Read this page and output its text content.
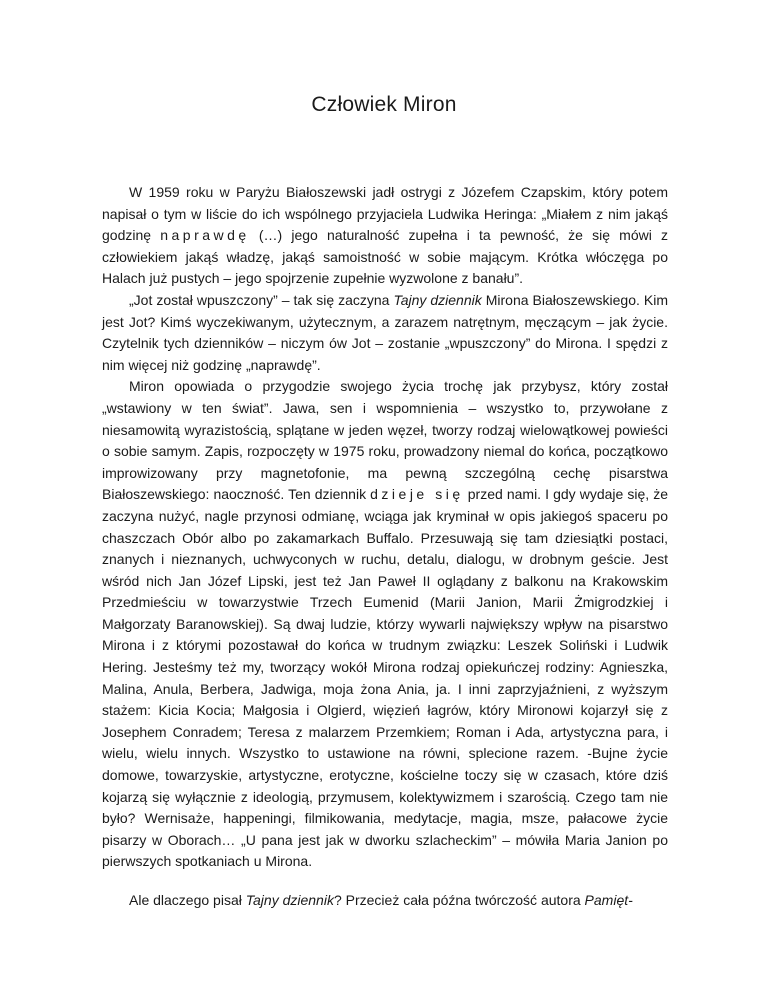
Człowiek Miron

W 1959 roku w Paryżu Białoszewski jadł ostrygi z Józefem Czapskim, który potem napisał o tym w liście do ich wspólnego przyjaciela Ludwika Heringa: „Miałem z nim jakąś godzinę naprawdę (…) jego naturalność zupełna i ta pewność, że się mówi z człowiekiem jakąś władzę, jakąś samoistność w sobie mającym. Krótka włóczęga po Halach już pustych – jego spojrzenie zupełnie wyzwolone z banału”.

„Jot został wpuszczony” – tak się zaczyna Tajny dziennik Mirona Białoszewskiego. Kim jest Jot? Kimś wyczekiwanym, użytecznym, a zarazem natrętnym, męczącym – jak życie. Czytelnik tych dzienników – niczym ów Jot – zostanie „wpuszczony” do Mirona. I spędzi z nim więcej niż godzinę „naprawdę”.

Miron opowiada o przygodzie swojego życia trochę jak przybysz, który został „wstawiony w ten świat”. Jawa, sen i wspomnienia – wszystko to, przywołane z niesamowitą wyrazistością, splątane w jeden węzeł, tworzy rodzaj wielowątkowej powieści o sobie samym. Zapis, rozpoczęty w 1975 roku, prowadzony niemal do końca, początkowo improwizowany przy magnetofonie, ma pewną szczególną cechę pisarstwa Białoszewskiego: naoczność. Ten dziennik dzieje się przed nami. I gdy wydaje się, że zaczyna nużyć, nagle przynosi odmianę, wciąga jak kryminał w opis jakiegoś spaceru po chaszczach Obór albo po zakamarkach Buffalo. Przesuwają się tam dziesiątki postaci, znanych i nieznanych, uchwyconych w ruchu, detalu, dialogu, w drobnym geście. Jest wśród nich Jan Józef Lipski, jest też Jan Paweł II oglądany z balkonu na Krakowskim Przedmieściu w towarzystwie Trzech Eumenid (Marii Janion, Marii Żmigrodzkiej i Małgorzaty Baranowskiej). Są dwaj ludzie, którzy wywarli największy wpływ na pisarstwo Mirona i z którymi pozostawał do końca w trudnym związku: Leszek Soliński i Ludwik Hering. Jesteśmy też my, tworzący wokół Mirona rodzaj opiekuńczej rodziny: Agnieszka, Malina, Anula, Berbera, Jadwiga, moja żona Ania, ja. I inni zaprzyjaźnieni, z wyższym stażem: Kicia Kocia; Małgosia i Olgierd, więzień łagrów, który Mironowi kojarzył się z Josephem Conradem; Teresa z malarzem Przemkiem; Roman i Ada, artystyczna para, i wielu, wielu innych. Wszystko to ustawione na równi, splecione razem. -Bujne życie domowe, towarzyskie, artystyczne, erotyczne, kościelne toczy się w czasach, które dziś kojarzą się wyłącznie z ideologią, przymusem, kolektywizmem i szarością. Czego tam nie było? Wernisaże, happeningi, filmikowania, medytacje, magia, msze, pałacowe życie pisarzy w Oborach… „U pana jest jak w dworku szlacheckim” – mówiła Maria Janion po pierwszych spotkaniach u Mirona.

Ale dlaczego pisał Tajny dziennik? Przecież cała późna twórczość autora Pamięt-
